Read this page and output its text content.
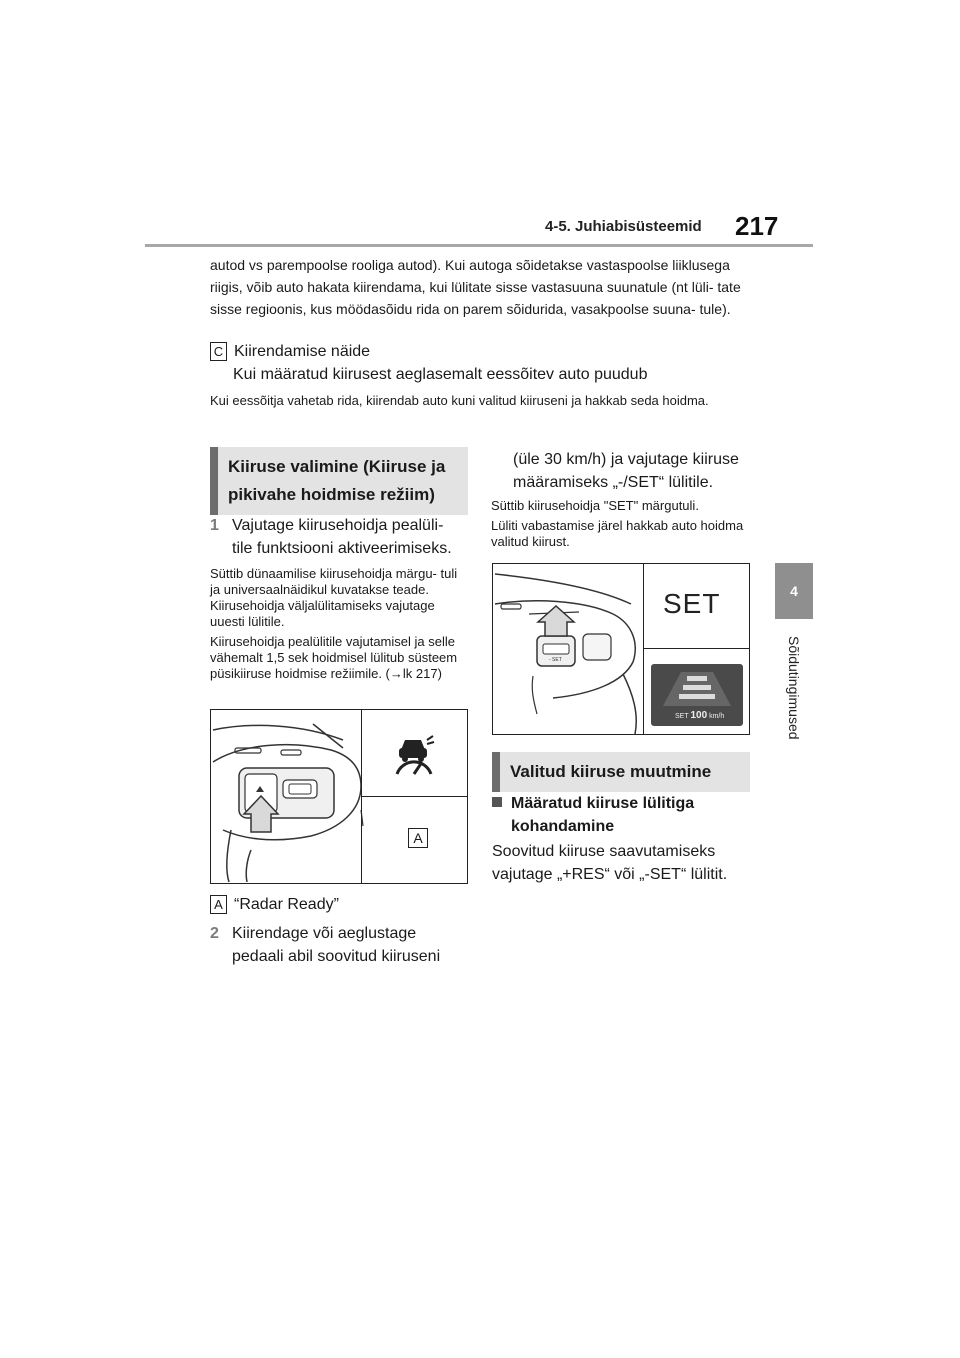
4-5. Juhiabisüsteemid 217
4
Sõidutingimused
autod vs parempoolse rooliga autod). Kui autoga sõidetakse vastaspoolse liiklusega riigis, võib auto hakata kiirendama, kui lülitate sisse vastasuuna suunatule (nt lüli- tate sisse regioonis, kus möödasõidu rida on parem sõidurida, vasakpoolse suuna- tule).
C Kiirendamise näide
Kui määratud kiirusest aeglasemalt eessõitev auto puudub
Kui eessõitja vahetab rida, kiirendab auto kuni valitud kiiruseni ja hakkab seda hoidma.
Kiiruse valimine (Kiiruse ja pikivahe hoidmise režiim)
1 Vajutage kiirusehoidja pealüli- tile funktsiooni aktiveerimiseks.
Süttib dünaamilise kiirusehoidja märgu- tuli ja universaalnäidikul kuvatakse teade. Kiirusehoidja väljalülitamiseks vajutage uuesti lülitile.
Kiirusehoidja pealülitile vajutamisel ja selle vähemalt 1,5 sek hoidmisel lülitub süsteem püsikiiruse hoidmise režiimile. (→lk 217)
A
A “Radar Ready”
2 Kiirendage või aeglustage pedaali abil soovitud kiiruseni
(üle 30 km/h) ja vajutage kiiruse määramiseks „-/SET“ lülitile.
Süttib kiirusehoidja "SET" märgutuli.
Lüliti vabastamise järel hakkab auto hoidma valitud kiirust.
- SET
SET
SET 100 km/h
Valitud kiiruse muutmine
Määratud kiiruse lülitiga kohandamine
Soovitud kiiruse saavutamiseks vajutage „+RES“ või „-SET“ lülitit.
